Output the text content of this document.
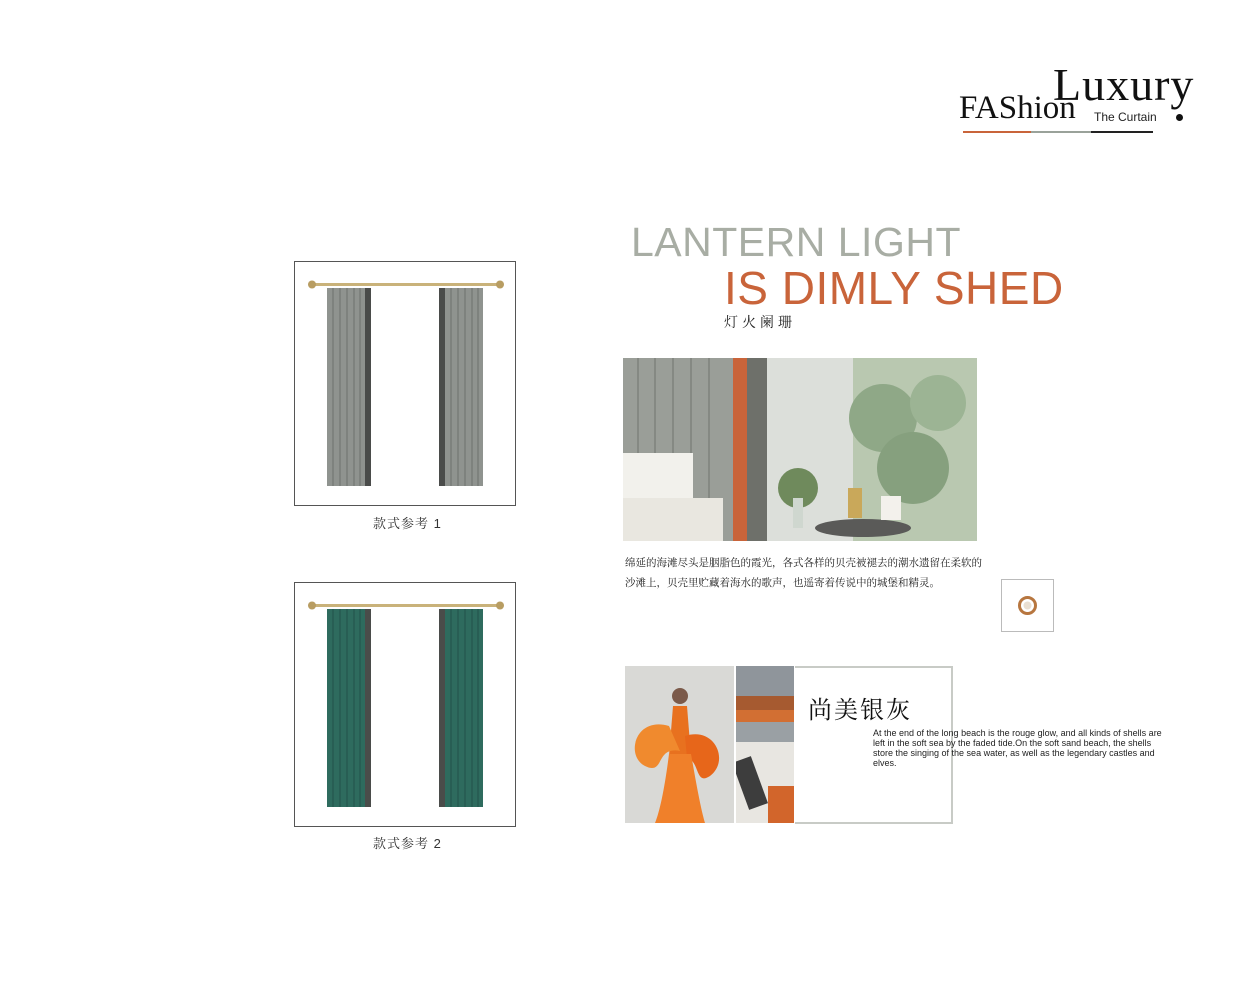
Luxury
FAShion The Curtain
LANTERN LIGHT
IS DIMLY SHED
灯火阑珊
款式参考 1
款式参考 2
绵延的海滩尽头是胭脂色的霞光，各式各样的贝壳被褪去的潮水遗留在柔软的沙滩上，贝壳里贮藏着海水的歌声，也遥寄着传说中的城堡和精灵。
尚美银灰
At the end of the long beach is the rouge glow, and all kinds of shells are left in the soft sea by the faded tide.On the soft sand beach, the shells store the singing of the sea water, as well as the legendary castles and elves.
